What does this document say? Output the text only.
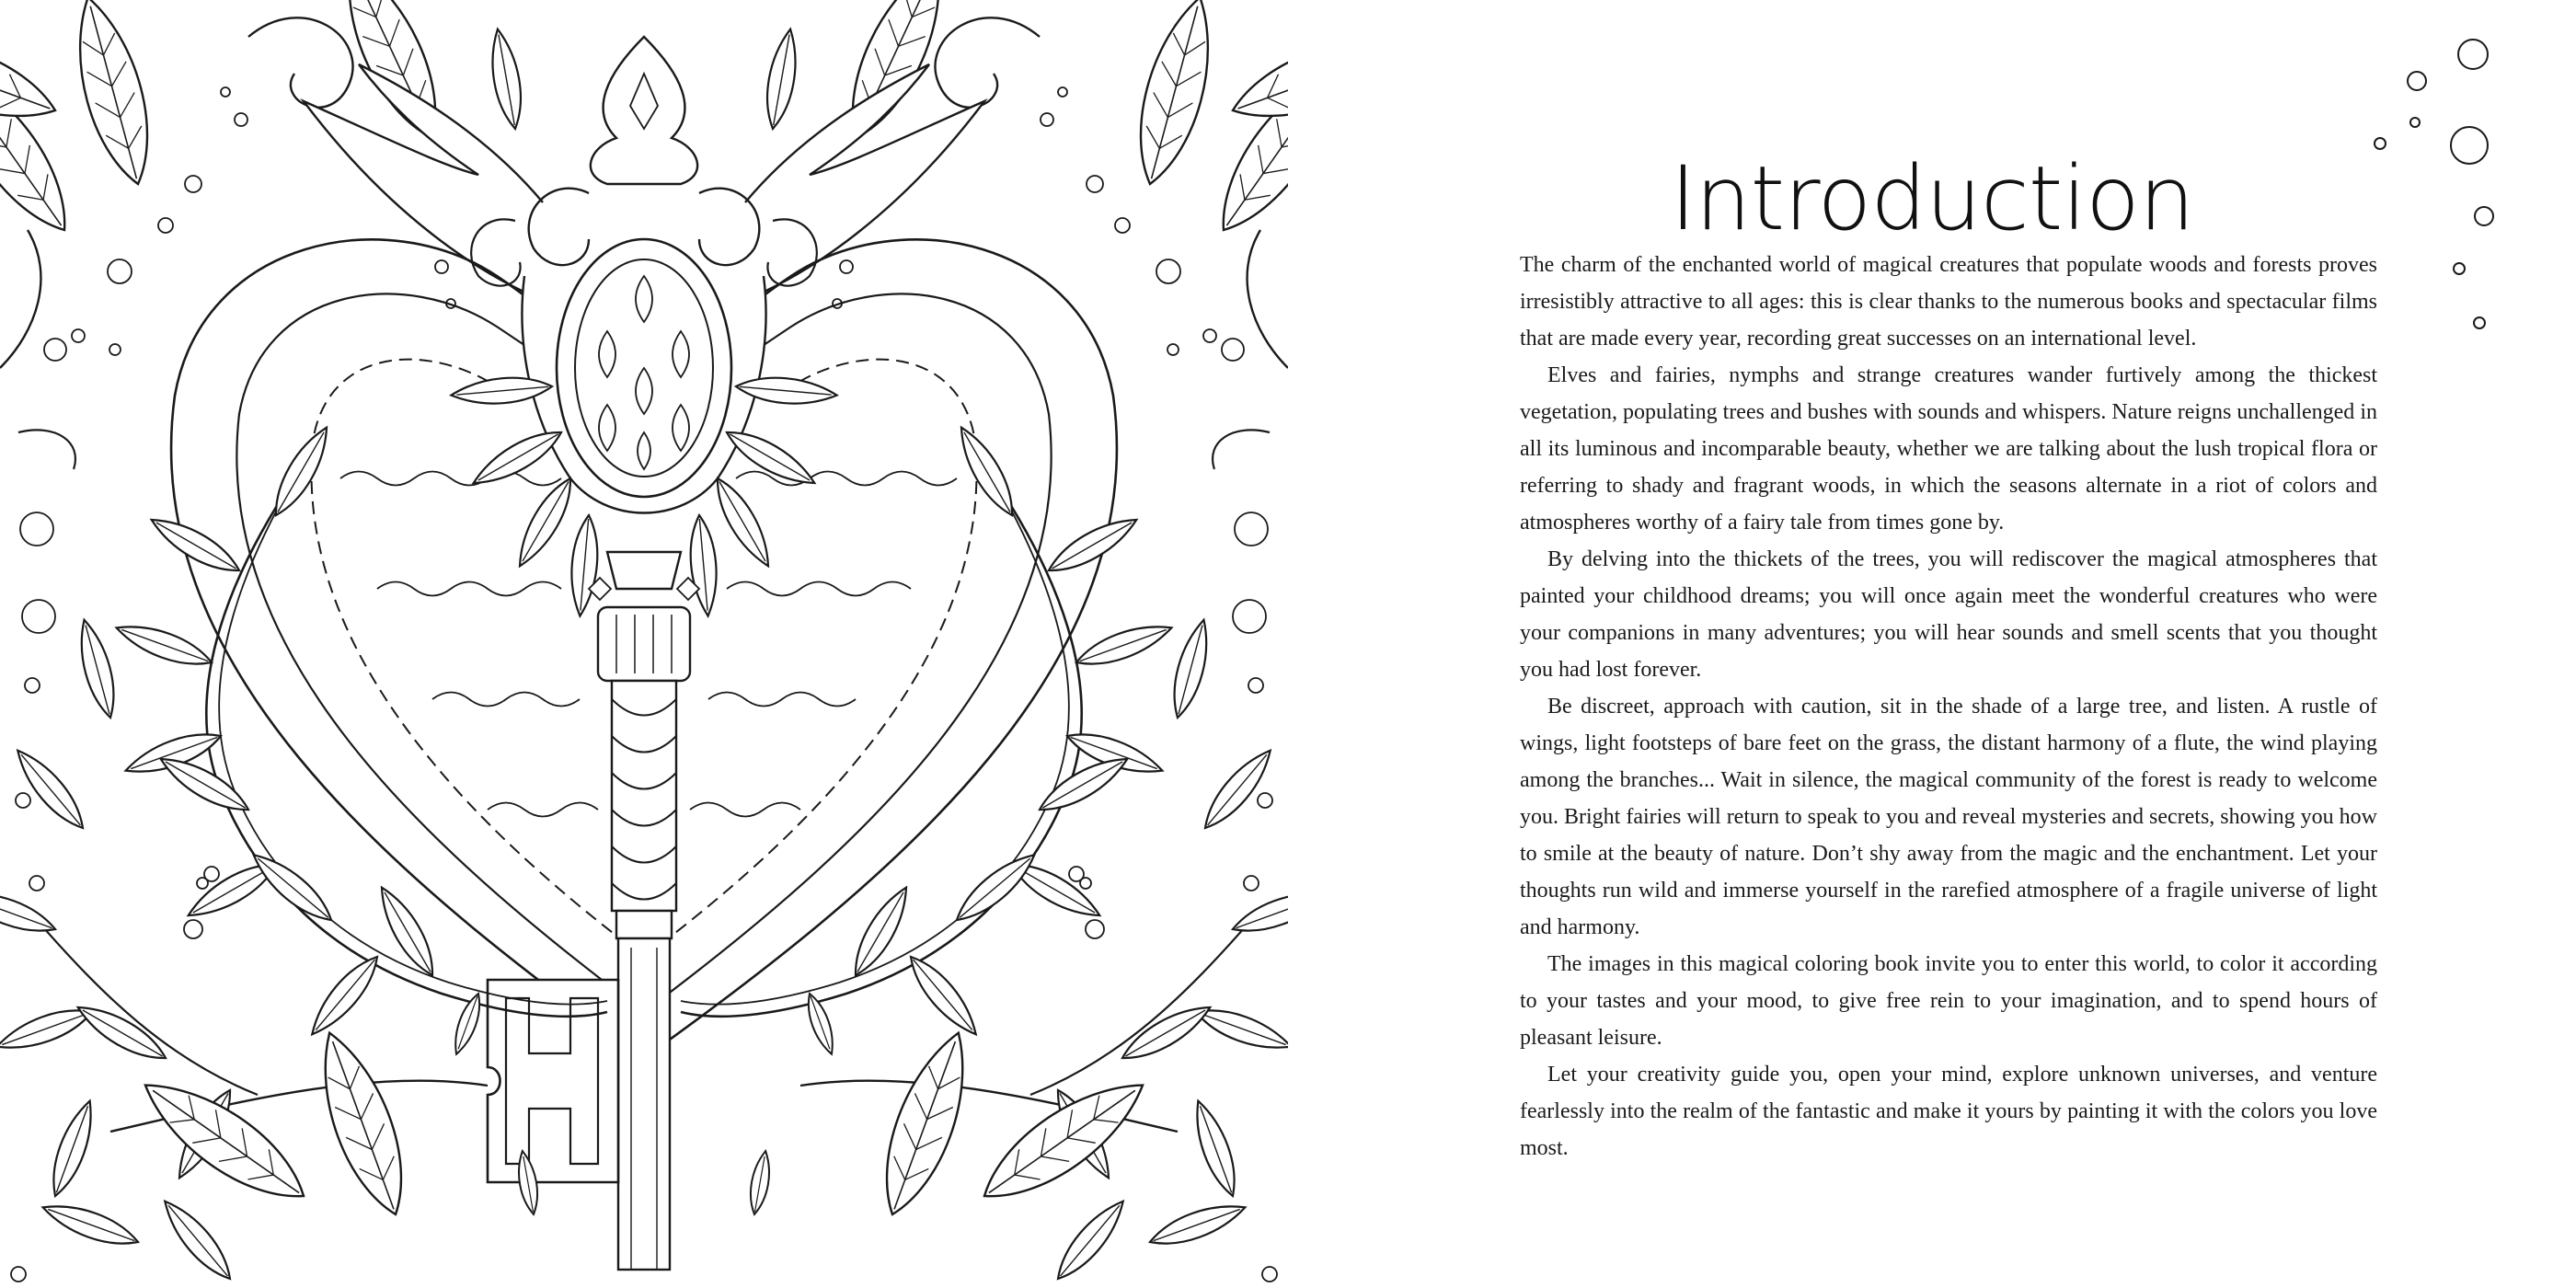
Introduction

The charm of the enchanted world of magical creatures that populate woods and forests proves irresistibly attractive to all ages: this is clear thanks to the numerous books and spectacular films that are made every year, recording great successes on an international level.

Elves and fairies, nymphs and strange creatures wander furtively among the thickest vegetation, populating trees and bushes with sounds and whispers. Nature reigns unchallenged in all its luminous and incomparable beauty, whether we are talking about the lush tropical flora or referring to shady and fragrant woods, in which the seasons alternate in a riot of colors and atmospheres worthy of a fairy tale from times gone by.

By delving into the thickets of the trees, you will rediscover the magical atmospheres that painted your childhood dreams; you will once again meet the wonderful creatures who were your companions in many adventures; you will hear sounds and smell scents that you thought you had lost forever.

Be discreet, approach with caution, sit in the shade of a large tree, and listen. A rustle of wings, light footsteps of bare feet on the grass, the distant harmony of a flute, the wind playing among the branches... Wait in silence, the magical community of the forest is ready to welcome you. Bright fairies will return to speak to you and reveal mysteries and secrets, showing you how to smile at the beauty of nature. Don’t shy away from the magic and the enchantment. Let your thoughts run wild and immerse yourself in the rarefied atmosphere of a fragile universe of light and harmony.

The images in this magical coloring book invite you to enter this world, to color it according to your tastes and your mood, to give free rein to your imagination, and to spend hours of pleasant leisure.

Let your creativity guide you, open your mind, explore unknown universes, and venture fearlessly into the realm of the fantastic and make it yours by painting it with the colors you love most.
